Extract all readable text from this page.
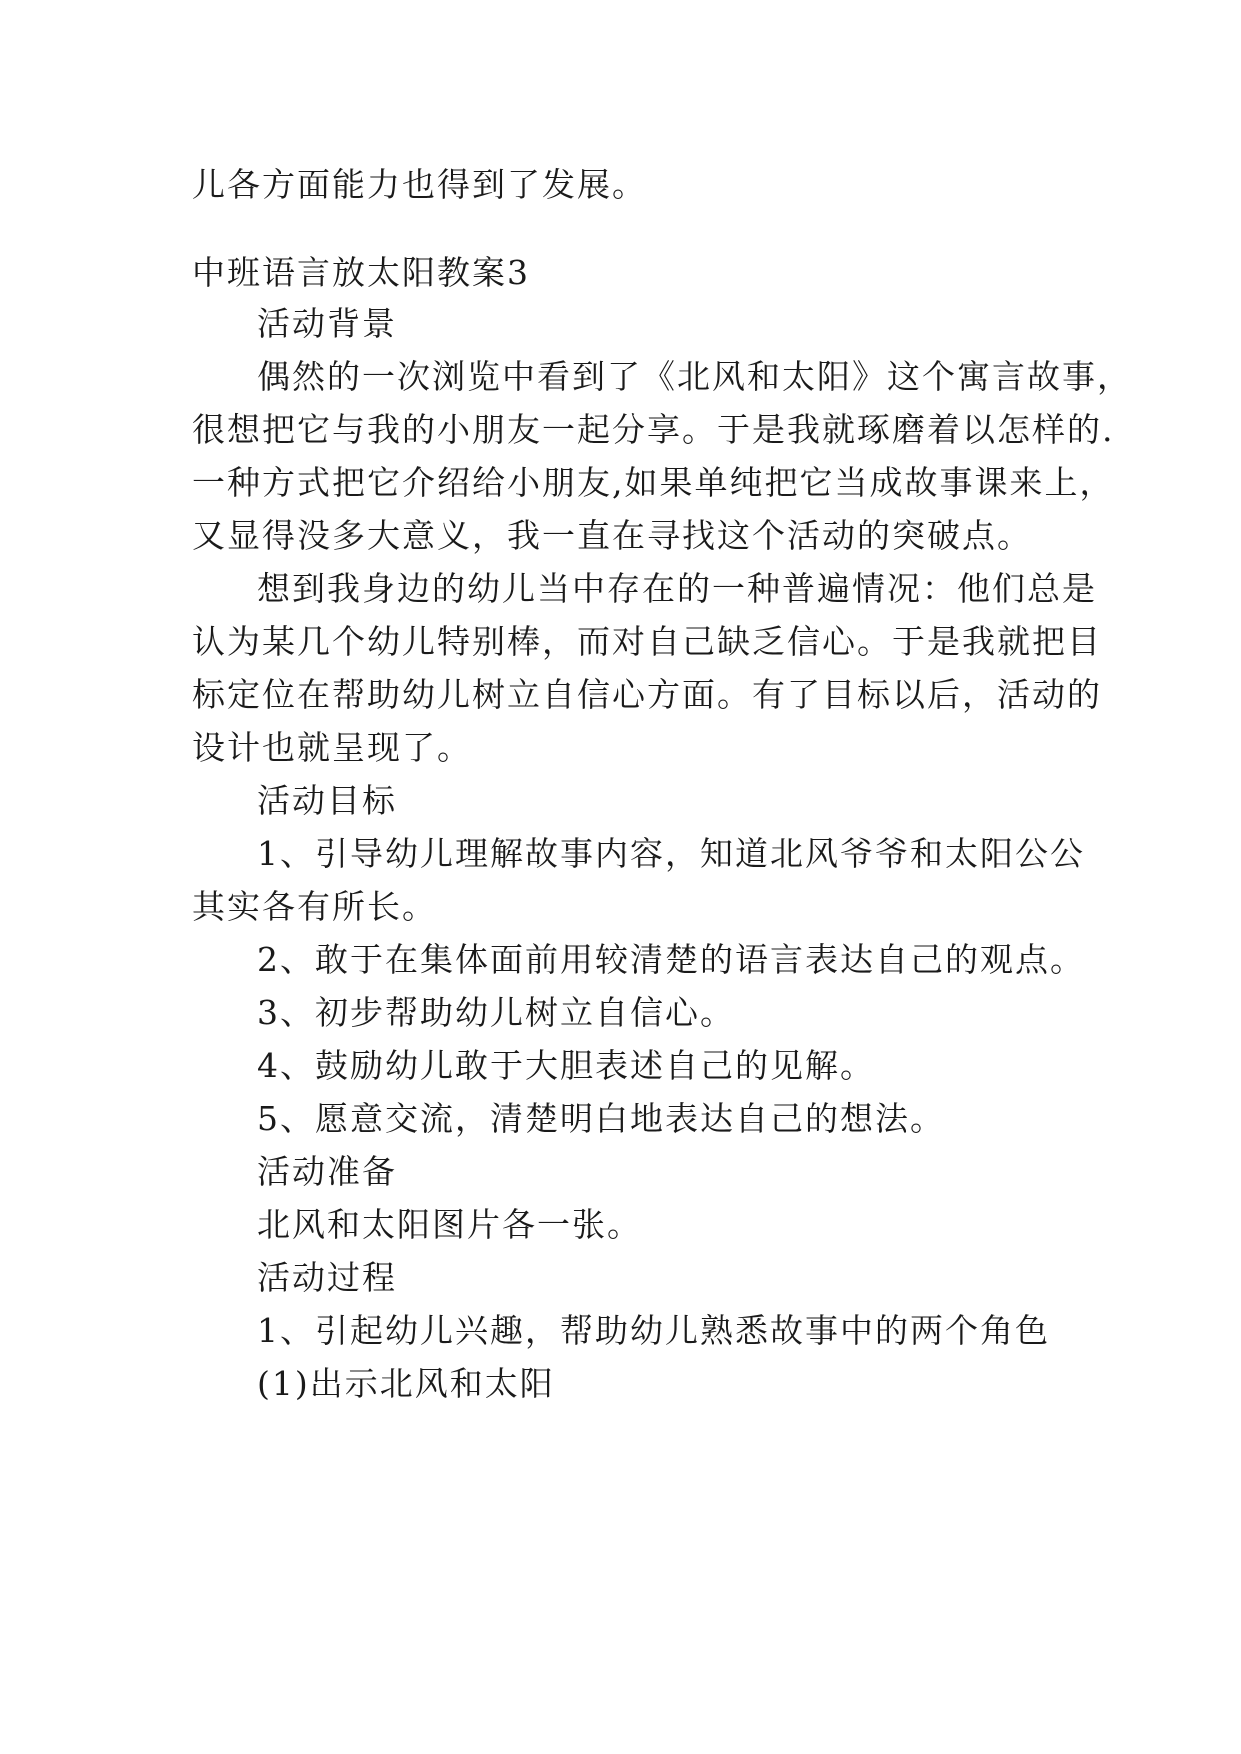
儿各方面能力也得到了发展。
中班语言放太阳教案3
活动背景
偶然的一次浏览中看到了《北风和太阳》这个寓言故事，
很想把它与我的小朋友一起分享。于是我就琢磨着以怎样的.
一种方式把它介绍给小朋友,如果单纯把它当成故事课来上，
又显得没多大意义，我一直在寻找这个活动的突破点。
想到我身边的幼儿当中存在的一种普遍情况：他们总是
认为某几个幼儿特别棒，而对自己缺乏信心。于是我就把目
标定位在帮助幼儿树立自信心方面。有了目标以后，活动的
设计也就呈现了。
活动目标
1、引导幼儿理解故事内容，知道北风爷爷和太阳公公
其实各有所长。
2、敢于在集体面前用较清楚的语言表达自己的观点。
3、初步帮助幼儿树立自信心。
4、鼓励幼儿敢于大胆表述自己的见解。
5、愿意交流，清楚明白地表达自己的想法。
活动准备
北风和太阳图片各一张。
活动过程
1、引起幼儿兴趣，帮助幼儿熟悉故事中的两个角色
(1)出示北风和太阳
